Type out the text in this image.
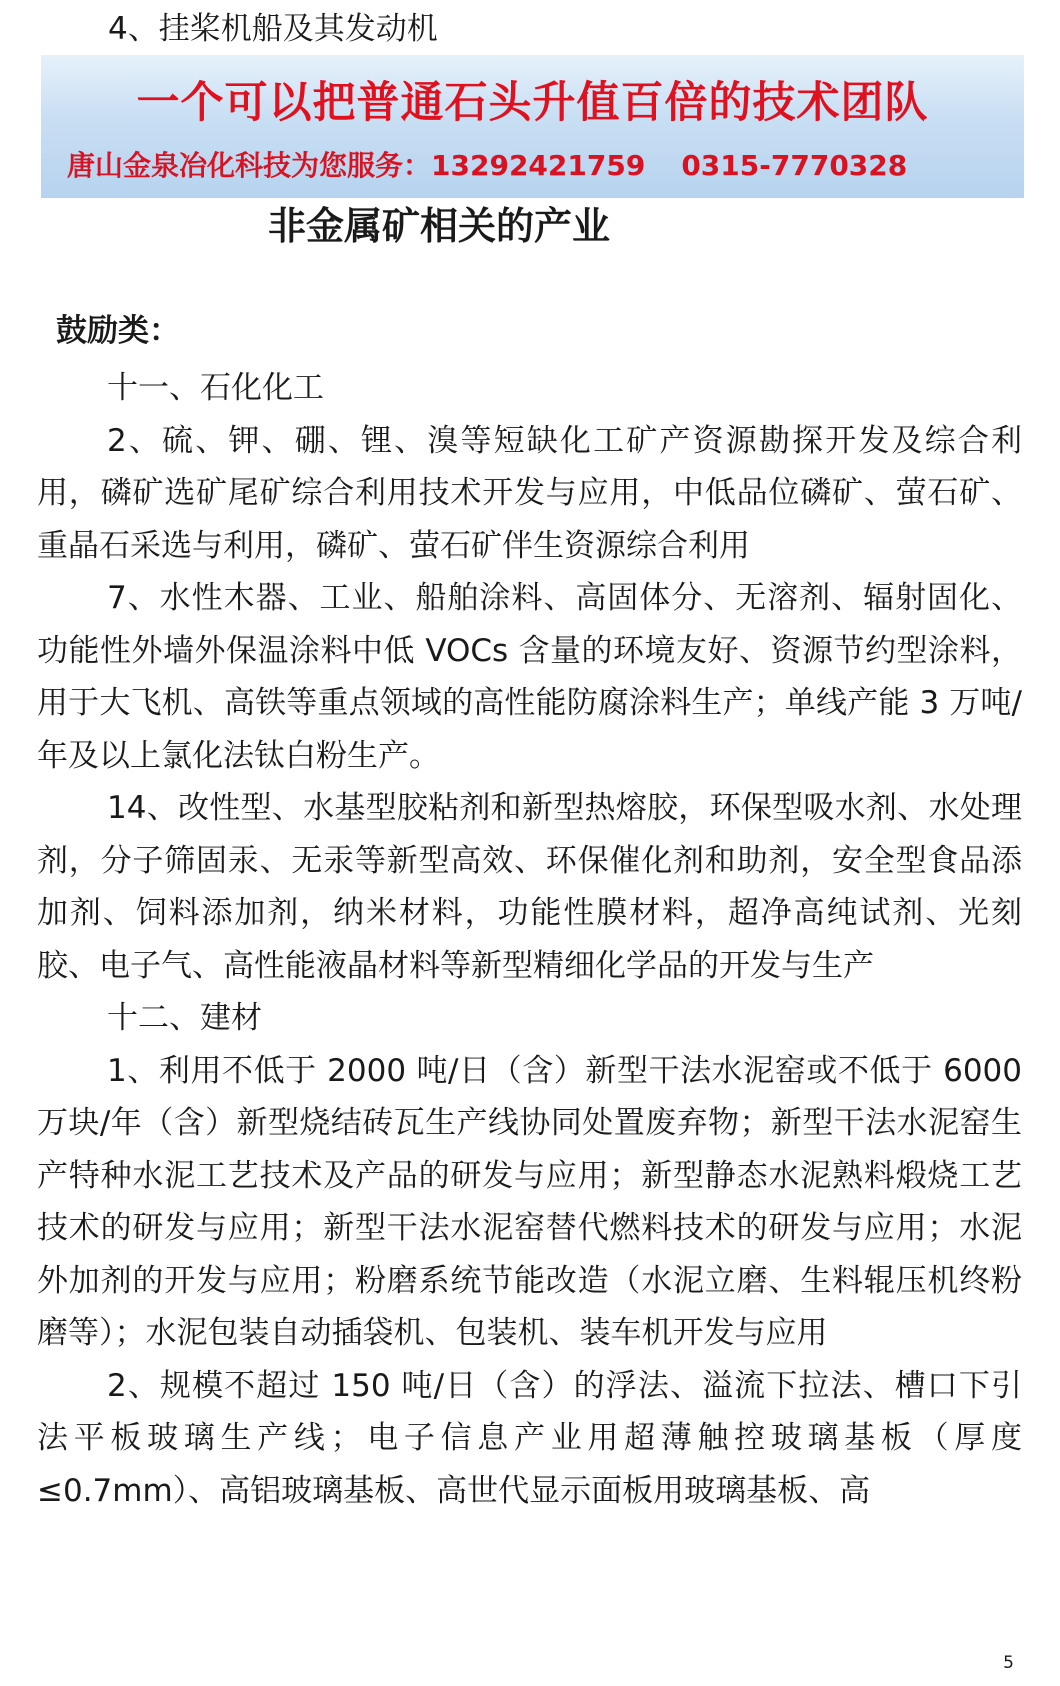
4、挂桨机船及其发动机
一个可以把普通石头升值百倍的技术团队
唐山金泉冶化科技为您服务：13292421759 0315-7770328
非金属矿相关的产业
鼓励类：

十一、石化化工

2、硫、钾、硼、锂、溴等短缺化工矿产资源勘探开发及综合利用，磷矿选矿尾矿综合利用技术开发与应用，中低品位磷矿、萤石矿、重晶石采选与利用，磷矿、萤石矿伴生资源综合利用

7、水性木器、工业、船舶涂料、高固体分、无溶剂、辐射固化、功能性外墙外保温涂料中低 VOCs 含量的环境友好、资源节约型涂料，用于大飞机、高铁等重点领域的高性能防腐涂料生产；单线产能 3 万吨/年及以上氯化法钛白粉生产。

14、改性型、水基型胶粘剂和新型热熔胶，环保型吸水剂、水处理剂，分子筛固汞、无汞等新型高效、环保催化剂和助剂，安全型食品添加剂、饲料添加剂，纳米材料，功能性膜材料，超净高纯试剂、光刻胶、电子气、高性能液晶材料等新型精细化学品的开发与生产

十二、建材

1、利用不低于 2000 吨/日（含）新型干法水泥窑或不低于 6000 万块/年（含）新型烧结砖瓦生产线协同处置废弃物；新型干法水泥窑生产特种水泥工艺技术及产品的研发与应用；新型静态水泥熟料煅烧工艺技术的研发与应用；新型干法水泥窑替代燃料技术的研发与应用；水泥外加剂的开发与应用；粉磨系统节能改造（水泥立磨、生料辊压机终粉磨等）；水泥包装自动插袋机、包装机、装车机开发与应用

2、规模不超过 150 吨/日（含）的浮法、溢流下拉法、槽口下引法平板玻璃生产线；电子信息产业用超薄触控玻璃基板（厚度≤0.7mm）、高铝玻璃基板、高世代显示面板用玻璃基板、高

5
